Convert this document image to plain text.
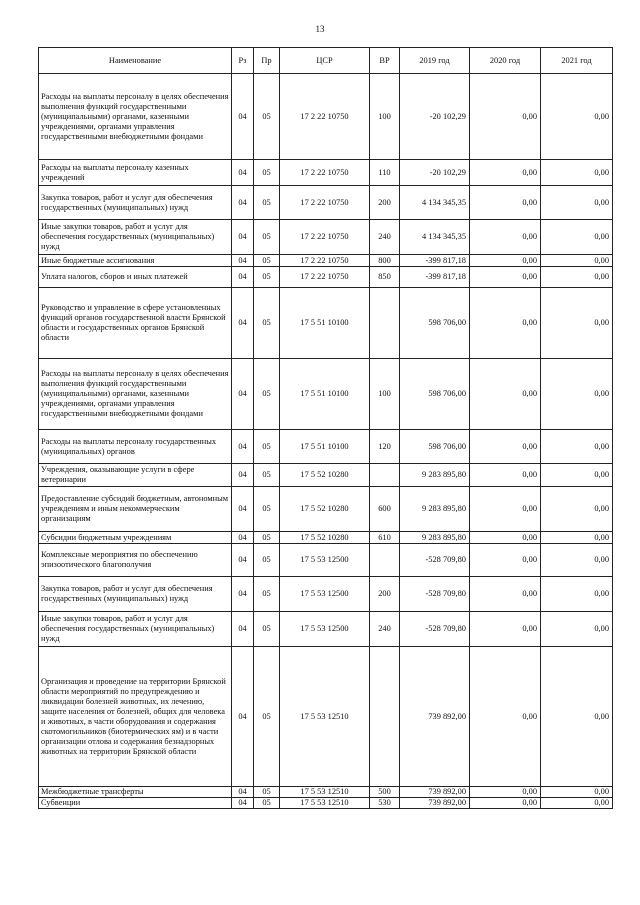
13
Наименование	Рз	Пр	ЦСР	ВР	2019 год	2020 год	2021 год
Расходы на выплаты персоналу в целях обеспечения выполнения функций государственными (муниципальными) органами, казенными учреждениями, органами управления государственными внебюджетными фондами	04	05	17 2 22 10750	100	-20 102,29	0,00	0,00
Расходы на выплаты персоналу казенных учреждений	04	05	17 2 22 10750	110	-20 102,29	0,00	0,00
Закупка товаров, работ и услуг для обеспечения государственных (муниципальных) нужд	04	05	17 2 22 10750	200	4 134 345,35	0,00	0,00
Иные закупки товаров, работ и услуг для обеспечения государственных (муниципальных) нужд	04	05	17 2 22 10750	240	4 134 345,35	0,00	0,00
Иные бюджетные ассигнования	04	05	17 2 22 10750	800	-399 817,18	0,00	0,00
Уплата налогов, сборов и иных платежей	04	05	17 2 22 10750	850	-399 817,18	0,00	0,00
Руководство и управление в сфере установленных функций органов государственной власти Брянской области и государственных органов Брянской области	04	05	17 5 51 10100		598 706,00	0,00	0,00
Расходы на выплаты персоналу в целях обеспечения выполнения функций государственными (муниципальными) органами, казенными учреждениями, органами управления государственными внебюджетными фондами	04	05	17 5 51 10100	100	598 706,00	0,00	0,00
Расходы на выплаты персоналу государственных (муниципальных) органов	04	05	17 5 51 10100	120	598 706,00	0,00	0,00
Учреждения, оказывающие услуги в сфере ветеринарии	04	05	17 5 52 10280		9 283 895,80	0,00	0,00
Предоставление субсидий бюджетным, автономным учреждениям и иным некоммерческим организациям	04	05	17 5 52 10280	600	9 283 895,80	0,00	0,00
Субсидии бюджетным учреждениям	04	05	17 5 52 10280	610	9 283 895,80	0,00	0,00
Комплексные мероприятия по обеспечению эпизоотического благополучия	04	05	17 5 53 12500		-528 709,80	0,00	0,00
Закупка товаров, работ и услуг для обеспечения государственных (муниципальных) нужд	04	05	17 5 53 12500	200	-528 709,80	0,00	0,00
Иные закупки товаров, работ и услуг для обеспечения государственных (муниципальных) нужд	04	05	17 5 53 12500	240	-528 709,80	0,00	0,00
Организация и проведение на территории Брянской области мероприятий по предупреждению и ликвидации болезней животных, их лечению, защите населения от болезней, общих для человека и животных, в части оборудования и содержания скотомогильников (биотермических ям) и в части организации отлова и содержания безнадзорных животных на территории Брянской области	04	05	17 5 53 12510		739 892,00	0,00	0,00
Межбюджетные трансферты	04	05	17 5 53 12510	500	739 892,00	0,00	0,00
Субвенции	04	05	17 5 53 12510	530	739 892,00	0,00	0,00
